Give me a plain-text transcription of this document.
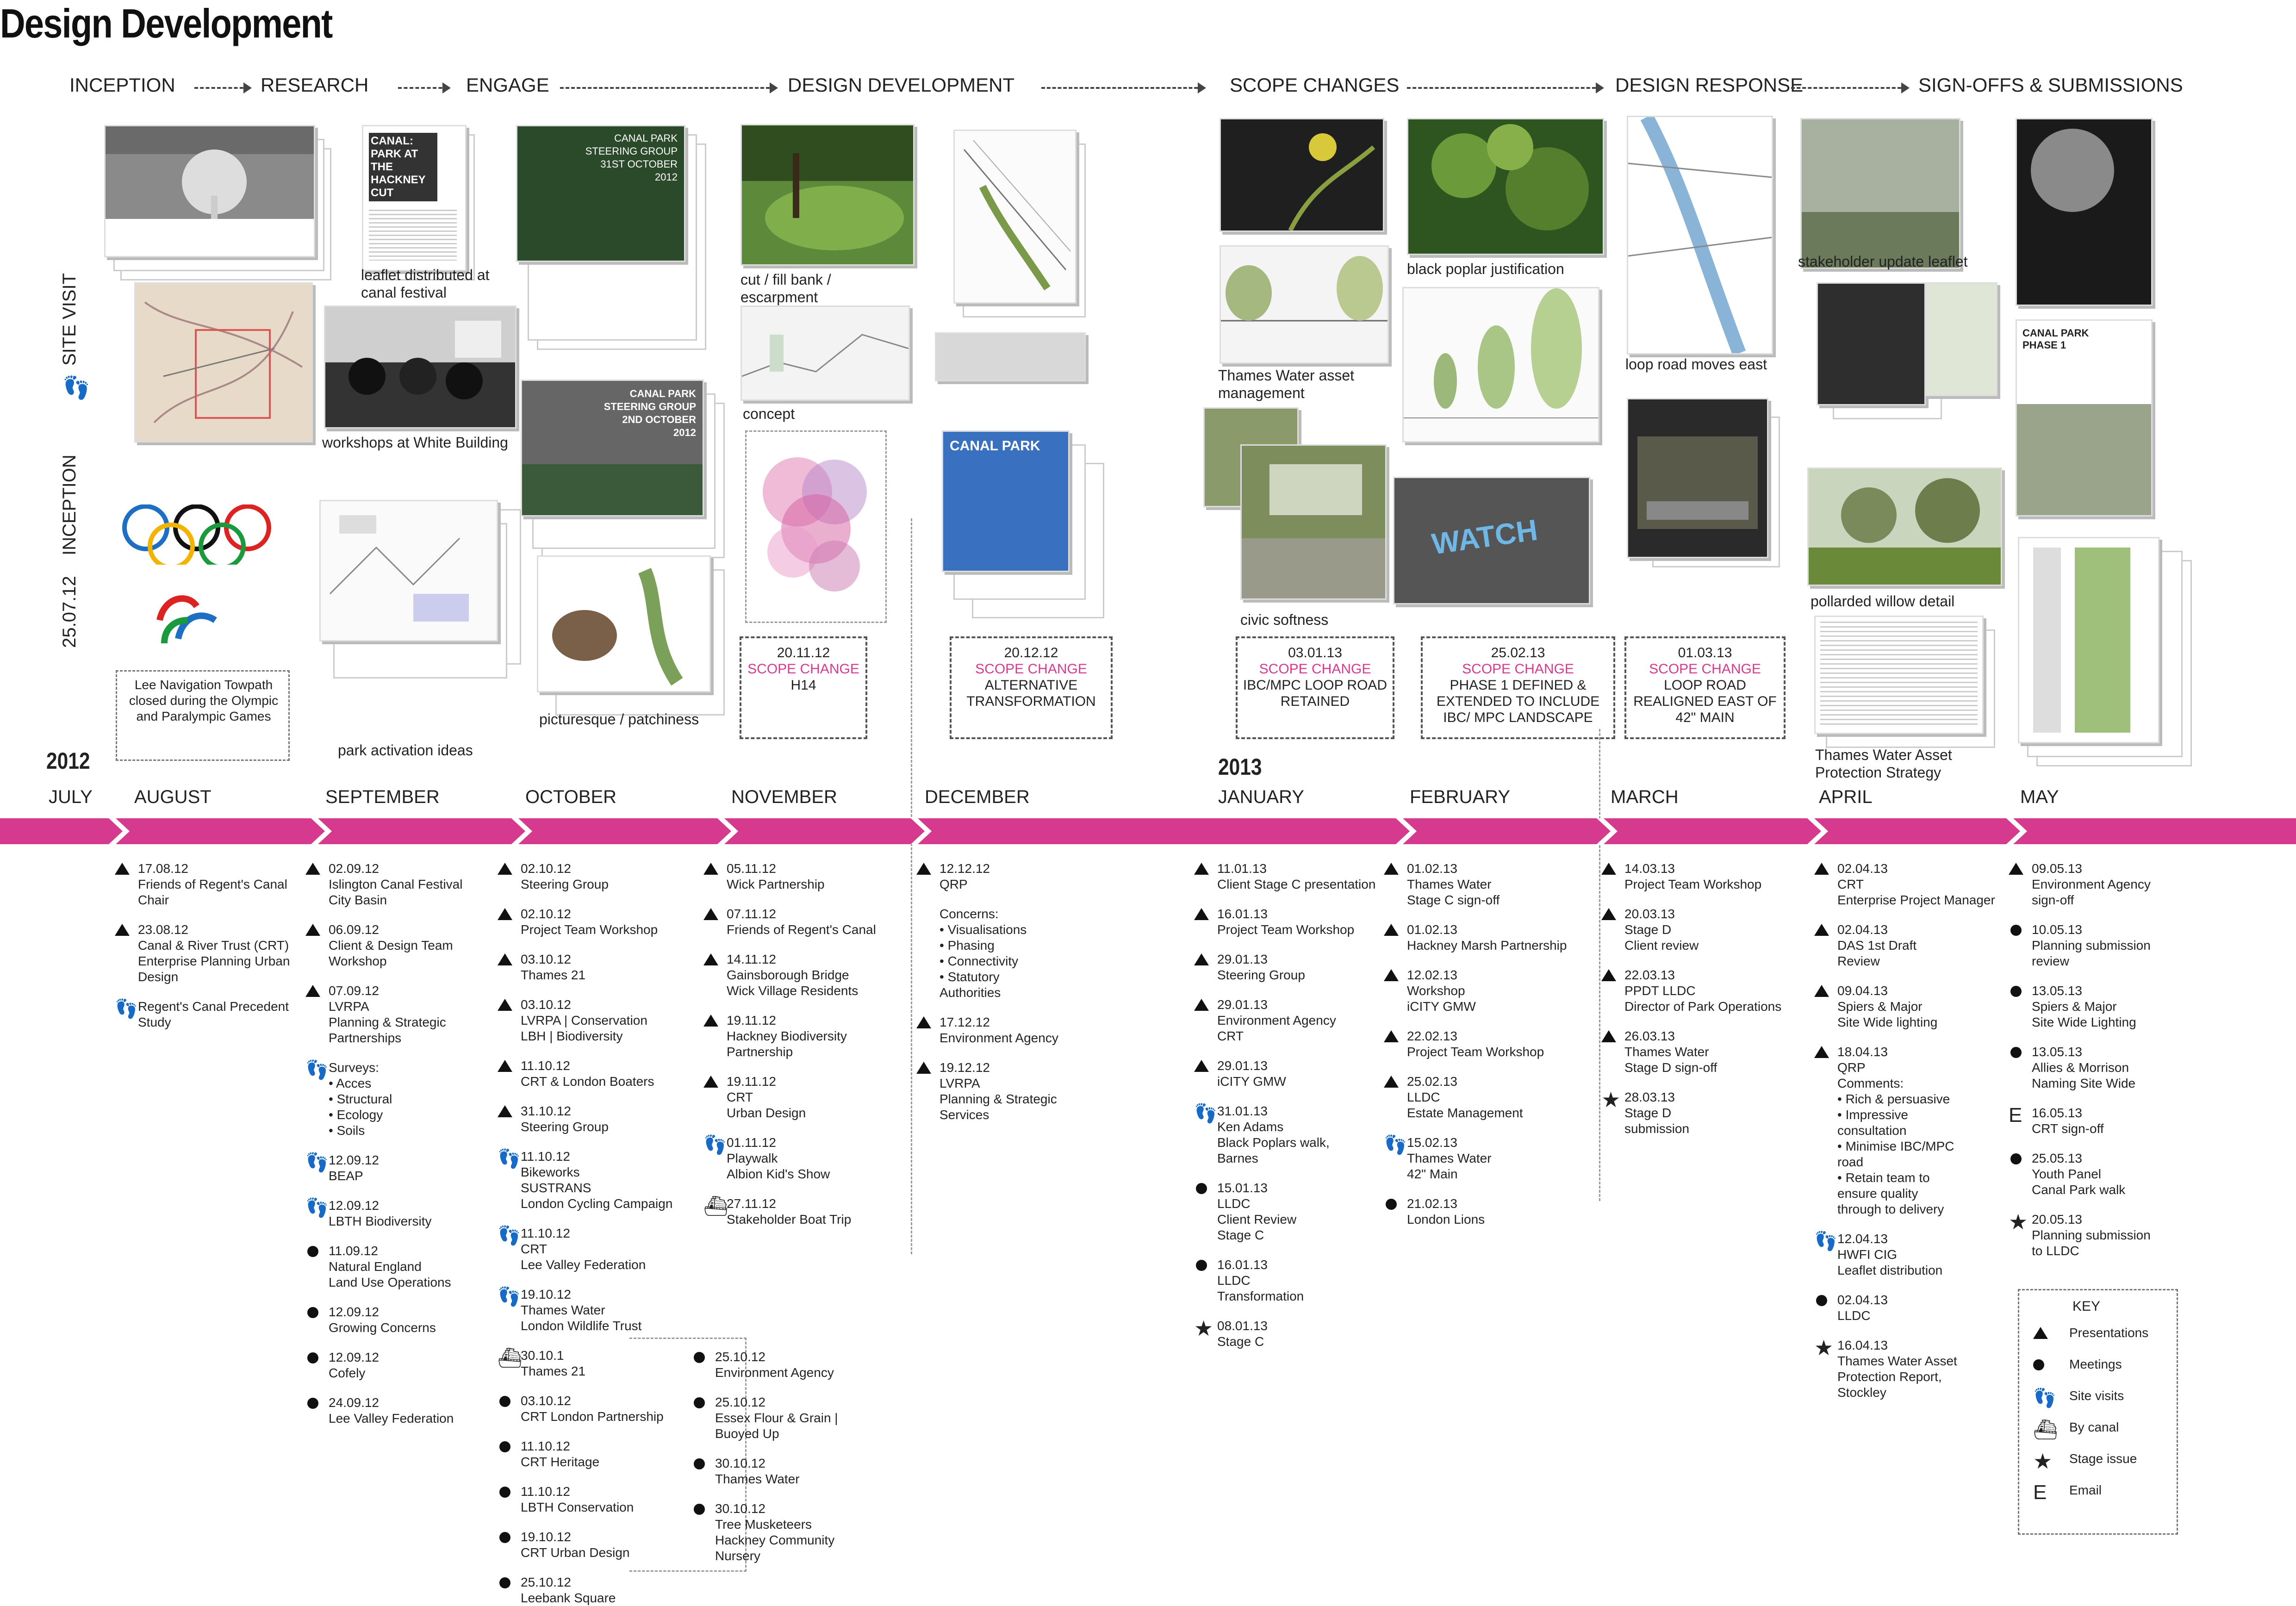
Design Development
INCEPTION	RESEARCH	ENGAGE	DESIGN DEVELOPMENT	SCOPE CHANGES	DESIGN RESPONSE	SIGN-OFFS & SUBMISSIONS
SITE VISIT
👣
INCEPTION
25.07.12
Lee Navigation Towpath closed during the Olympic and Paralympic Games
CANAL: PARK AT THE HACKNEY CUT
leaflet distributed at canal festival
workshops at White Building
park activation ideas
CANAL PARK STEERING GROUP 31ST OCTOBER 2012
CANAL PARK STEERING GROUP 2ND OCTOBER 2012
picturesque / patchiness
cut / fill bank / escarpment
concept
CANAL PARK
Thames Water asset management
civic softness
black poplar justification
WATCH
loop road moves east
stakeholder update leaflet
pollarded willow detail
Thames Water Asset Protection Strategy
CANAL PARK PHASE 1
20.11.12
SCOPE CHANGE
H14
20.12.12
SCOPE CHANGE
ALTERNATIVE TRANSFORMATION
03.01.13
SCOPE CHANGE
IBC/MPC LOOP ROAD RETAINED
25.02.13
SCOPE CHANGE
PHASE 1 DEFINED & EXTENDED TO INCLUDE IBC/ MPC LANDSCAPE
01.03.13
SCOPE CHANGE
LOOP ROAD REALIGNED EAST OF 42" MAIN
2012	2013
JULY AUGUST	SEPTEMBER	OCTOBER	NOVEMBER	DECEMBER	JANUARY	FEBRUARY	MARCH	APRIL	MAY
17.08.12
Friends of Regent's Canal
Chair
23.08.12
Canal & River Trust (CRT)
Enterprise Planning Urban
Design
👣 Regent's Canal Precedent
Study
02.09.12
Islington Canal Festival
City Basin
06.09.12
Client & Design Team
Workshop
07.09.12
LVRPA
Planning & Strategic
Partnerships
👣 Surveys:
• Acces
• Structural
• Ecology
• Soils
👣 12.09.12
BEAP
👣 12.09.12
LBTH Biodiversity
11.09.12
Natural England
Land Use Operations
12.09.12
Growing Concerns
12.09.12
Cofely
24.09.12
Lee Valley Federation
02.10.12
Steering Group
02.10.12
Project Team Workshop
03.10.12
Thames 21
03.10.12
LVRPA | Conservation
LBH | Biodiversity
11.10.12
CRT & London Boaters
31.10.12
Steering Group
👣 11.10.12
Bikeworks
SUSTRANS
London Cycling Campaign
👣 11.10.12
CRT
Lee Valley Federation
👣 19.10.12
Thames Water
London Wildlife Trust
⛴
30.10.1
Thames 21
03.10.12
CRT London Partnership
11.10.12
CRT Heritage
11.10.12
LBTH Conservation
19.10.12
CRT Urban Design
25.10.12
Leebank Square
25.10.12
Environment Agency
25.10.12
Essex Flour & Grain |
Buoyed Up
30.10.12
Thames Water
30.10.12
Tree Musketeers
Hackney Community
Nursery
05.11.12
Wick Partnership
07.11.12
Friends of Regent's Canal
14.11.12
Gainsborough Bridge
Wick Village Residents
19.11.12
Hackney Biodiversity
Partnership
19.11.12
CRT
Urban Design
👣 01.11.12
Playwalk
Albion Kid's Show
⛴
27.11.12
Stakeholder Boat Trip
12.12.12
QRP
Concerns:
• Visualisations
• Phasing
• Connectivity
• Statutory
Authorities
17.12.12
Environment Agency
19.12.12
LVRPA
Planning & Strategic
Services
11.01.13
Client Stage C presentation
16.01.13
Project Team Workshop
29.01.13
Steering Group
29.01.13
Environment Agency
CRT
29.01.13
iCITY GMW
👣 31.01.13
Ken Adams
Black Poplars walk,
Barnes
15.01.13
LLDC
Client Review
Stage C
16.01.13
LLDC
Transformation
★ 08.01.13
Stage C
01.02.13
Thames Water
Stage C sign-off
01.02.13
Hackney Marsh Partnership
12.02.13
Workshop
iCITY GMW
22.02.13
Project Team Workshop
25.02.13
LLDC
Estate Management
👣 15.02.13
Thames Water
42" Main
21.02.13
London Lions
14.03.13
Project Team Workshop
20.03.13
Stage D
Client review
22.03.13
PPDT LLDC
Director of Park Operations
26.03.13
Thames Water
Stage D sign-off
★ 28.03.13
Stage D
submission
02.04.13
CRT
Enterprise Project Manager
02.04.13
DAS 1st Draft
Review
09.04.13
Spiers & Major
Site Wide lighting
18.04.13
QRP
Comments:
• Rich & persuasive
• Impressive
consultation
• Minimise IBC/MPC
road
• Retain team to
ensure quality
through to delivery
👣 12.04.13
HWFI CIG
Leaflet distribution
02.04.13
LLDC
★ 16.04.13
Thames Water Asset
Protection Report,
Stockley
09.05.13
Environment Agency
sign-off
10.05.13
Planning submission
review
13.05.13
Spiers & Major
Site Wide Lighting
13.05.13
Allies & Morrison
Naming Site Wide
E 16.05.13
CRT sign-off
25.05.13
Youth Panel
Canal Park walk
★ 20.05.13
Planning submission
to LLDC
KEY
Presentations
Meetings
👣 Site visits
⛴ By canal
★ Stage issue
E Email
